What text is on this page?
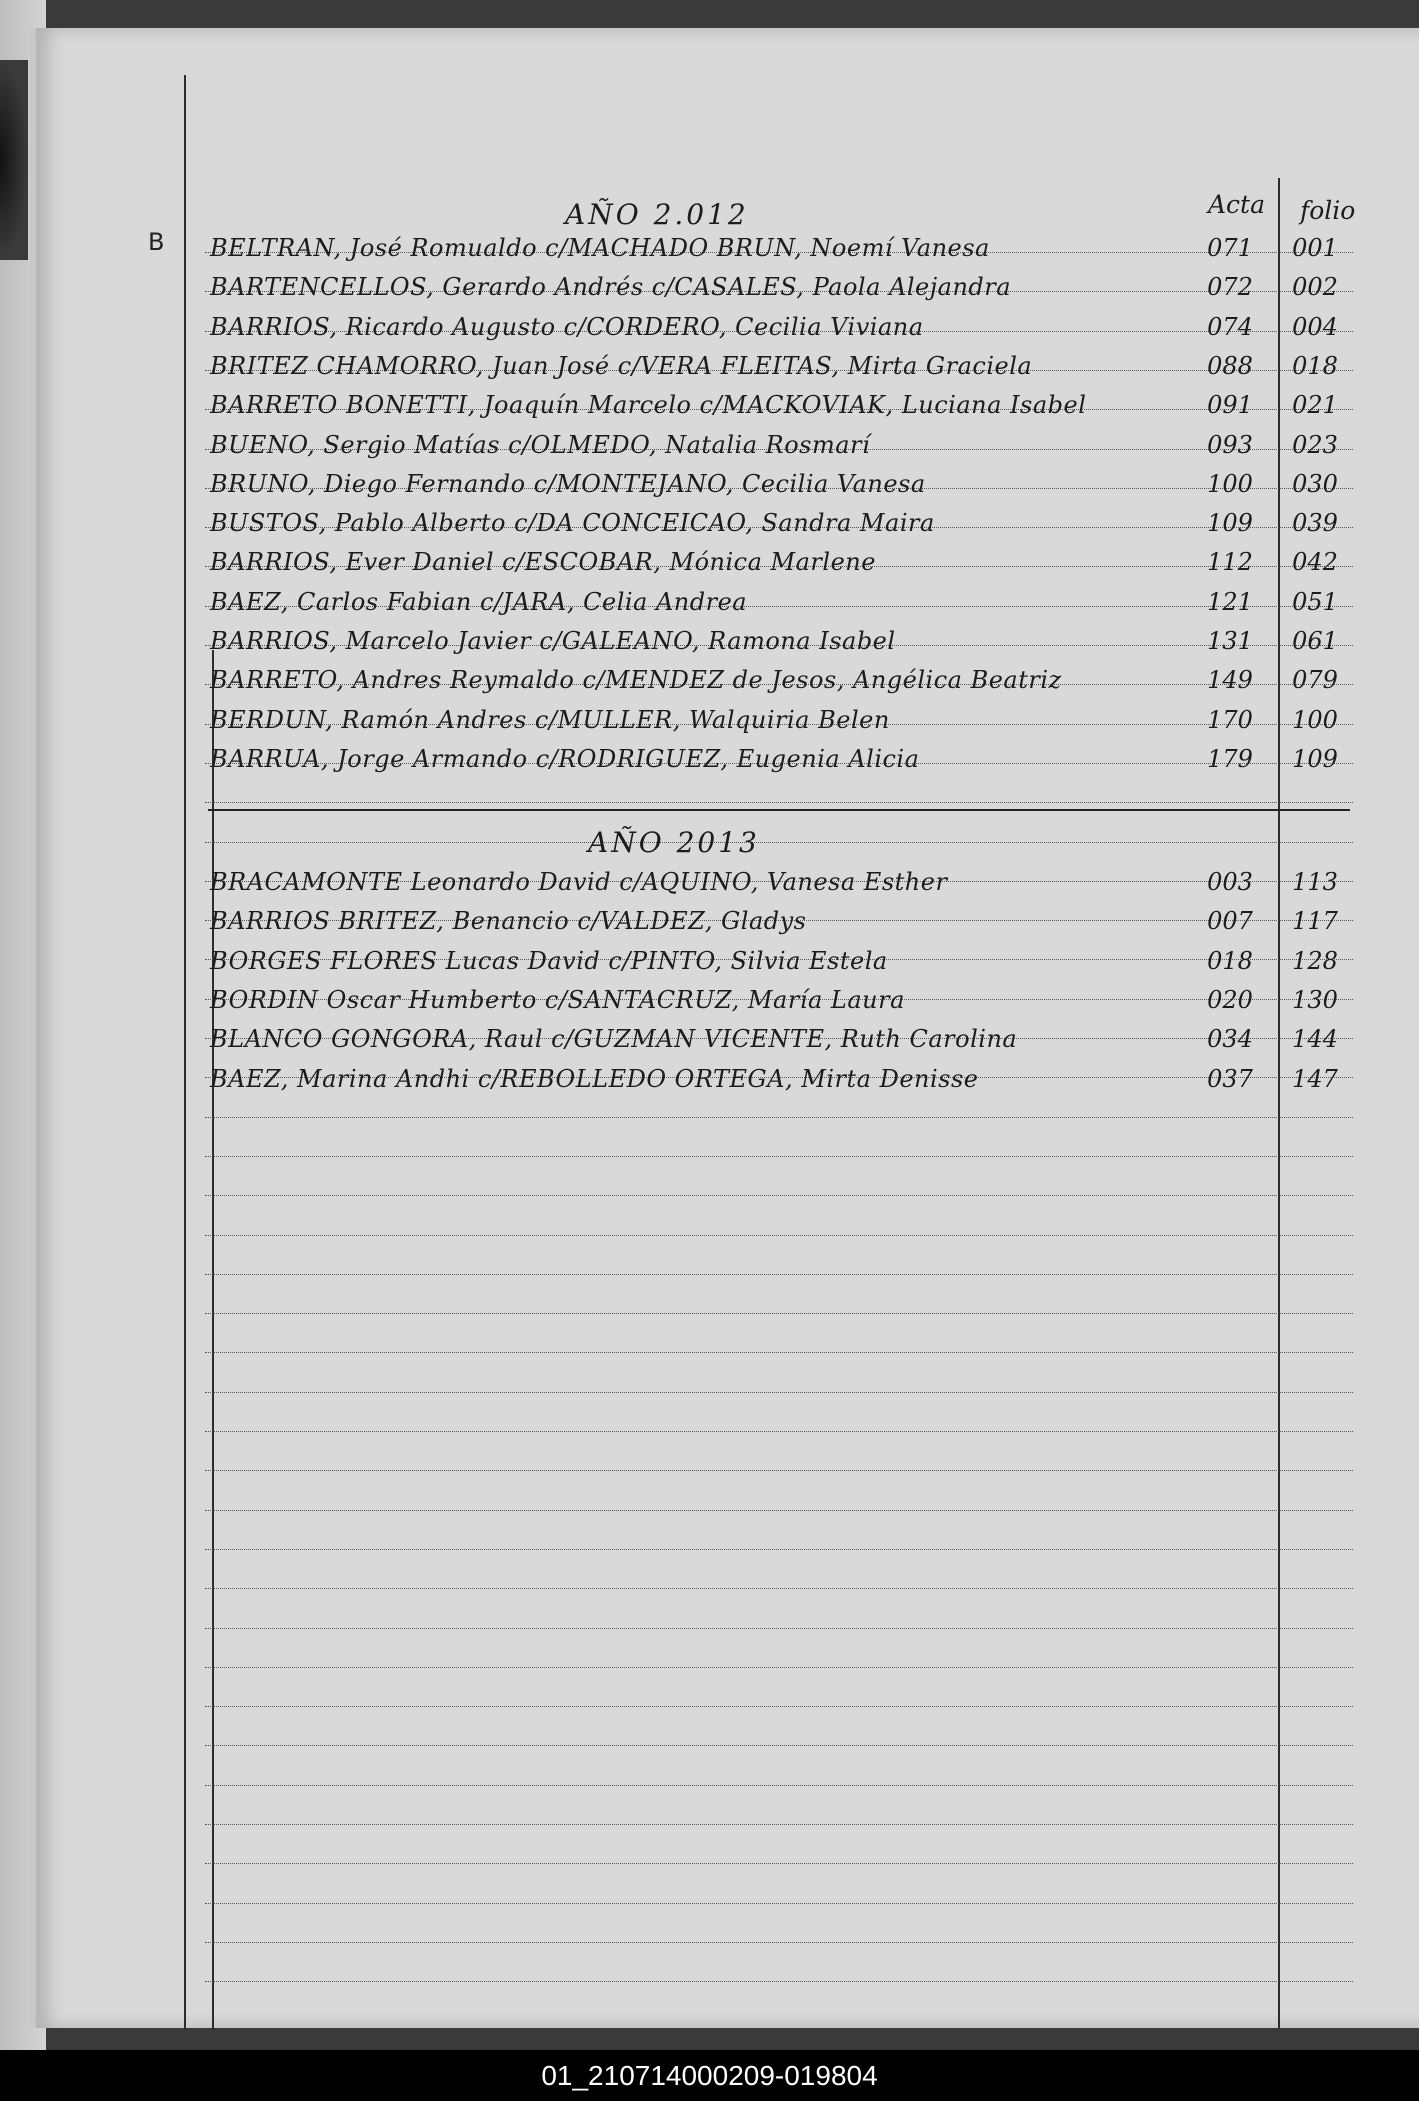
B
Acta folio
AÑO 2.012
AÑO 2013
BELTRAN, José Romualdo c/MACHADO BRUN, Noemí Vanesa	071	001
BARTENCELLOS, Gerardo Andrés c/CASALES, Paola Alejandra	072	002
BARRIOS, Ricardo Augusto c/CORDERO, Cecilia Viviana	074	004
BRITEZ CHAMORRO, Juan José c/VERA FLEITAS, Mirta Graciela	088	018
BARRETO BONETTI, Joaquín Marcelo c/MACKOVIAK, Luciana Isabel	091	021
BUENO, Sergio Matías c/OLMEDO, Natalia Rosmarí	093	023
BRUNO, Diego Fernando c/MONTEJANO, Cecilia Vanesa	100	030
BUSTOS, Pablo Alberto c/DA CONCEICAO, Sandra Maira	109	039
BARRIOS, Ever Daniel c/ESCOBAR, Mónica Marlene	112	042
BAEZ, Carlos Fabian c/JARA, Celia Andrea	121	051
BARRIOS, Marcelo Javier c/GALEANO, Ramona Isabel	131	061
BARRETO, Andres Reymaldo c/MENDEZ de Jesos, Angélica Beatriz	149	079
BERDUN, Ramón Andres c/MULLER, Walquiria Belen	170	100
BARRUA, Jorge Armando c/RODRIGUEZ, Eugenia Alicia	179	109
BRACAMONTE Leonardo David c/AQUINO, Vanesa Esther	003	113
BARRIOS BRITEZ, Benancio c/VALDEZ, Gladys	007	117
BORGES FLORES Lucas David c/PINTO, Silvia Estela	018	128
BORDIN Oscar Humberto c/SANTACRUZ, María Laura	020	130
BLANCO GONGORA, Raul c/GUZMAN VICENTE, Ruth Carolina	034	144
BAEZ, Marina Andhi c/REBOLLEDO ORTEGA, Mirta Denisse	037	147
01_210714000209-019804
